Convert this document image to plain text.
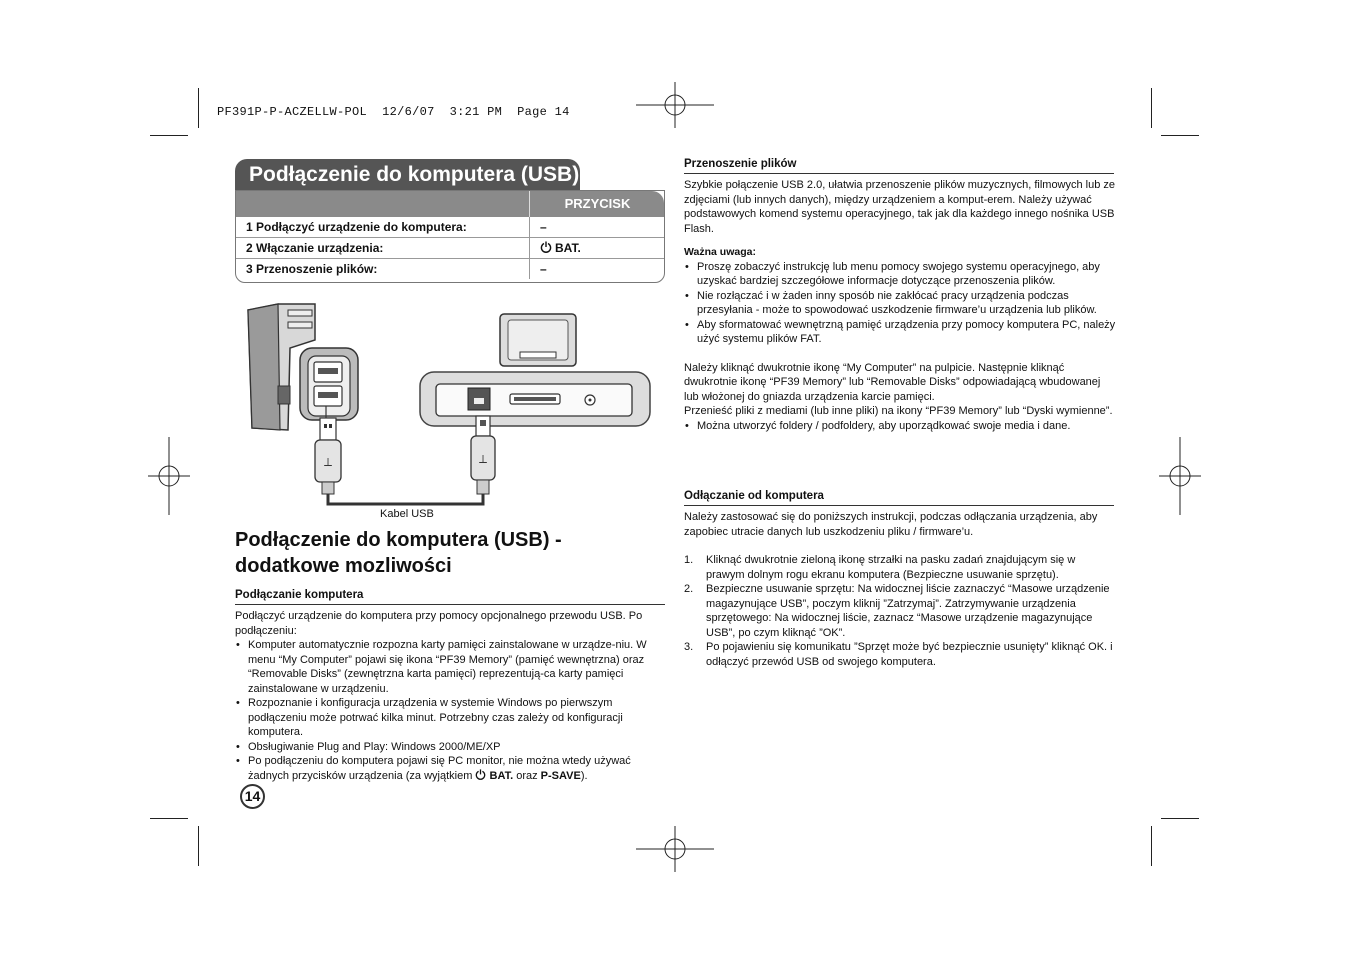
PF391P-P-ACZELLW-POL 12/6/07 3:21 PM Page 14

Podłączenie do komputera (USB)
PRZYCISK
1 Podłączyć urządzenie do komputera:	–
2 Włączanie urządzenia:	BAT.
3 Przenoszenie plików:	–
⟂	⟂
Kabel USB
Podłączenie do komputera (USB) -
dodatkowe mozliwości
Podłączanie komputera

Podłączyć urządzenie do komputera przy pomocy opcjonalnego przewodu USB. Po podłączeniu:

• Komputer automatycznie rozpozna karty pamięci zainstalowane w urządze-niu. W menu “My Computer” pojawi się ikona “PF39 Memory” (pamięć wewnętrzna) oraz “Removable Disks” (zewnętrzna karta pamięci) reprezentują-ca karty pamięci zainstalowane w urządzeniu.

• Rozpoznanie i konfiguracja urządzenia w systemie Windows po pierwszym podłączeniu może potrwać kilka minut. Potrzebny czas zależy od konfiguracji komputera.

• Obsługiwanie Plug and Play: Windows 2000/ME/XP

• Po podłączeniu do komputera pojawi się PC monitor, nie można wtedy używać żadnych przycisków urządzenia (za wyjątkiem BAT. oraz P-SAVE).

14
Przenoszenie plików

Szybkie połączenie USB 2.0, ułatwia przenoszenie plików muzycznych, filmowych lub ze zdjęciami (lub innych danych), między urządzeniem a komput-erem. Należy używać podstawowych komend systemu operacyjnego, tak jak dla każdego innego nośnika USB Flash.

Ważna uwaga:

• Proszę zobaczyć instrukcję lub menu pomocy swojego systemu operacyjnego, aby uzyskać bardziej szczegółowe informacje dotyczące przenoszenia plików.

• Nie rozłączać i w żaden inny sposób nie zakłócać pracy urządzenia podczas przesyłania - może to spowodować uszkodzenie firmware’u urządzenia lub plików.

• Aby sformatować wewnętrzną pamięć urządzenia przy pomocy komputera PC, należy użyć systemu plików FAT.

Należy kliknąć dwukrotnie ikonę “My Computer” na pulpicie. Następnie kliknąć dwukrotnie ikonę “PF39 Memory” lub “Removable Disks” odpowiadającą wbudowanej lub włożonej do gniazda urządzenia karcie pamięci.

Przenieść pliki z mediami (lub inne pliki) na ikony “PF39 Memory” lub “Dyski wymienne”.

• Można utworzyć foldery / podfoldery, aby uporządkować swoje media i dane.

Odłączanie od komputera

Należy zastosować się do poniższych instrukcji, podczas odłączania urządzenia, aby zapobiec utracie danych lub uszkodzeniu pliku / firmware’u.

1. Kliknąć dwukrotnie zieloną ikonę strzałki na pasku zadań znajdującym się w prawym dolnym rogu ekranu komputera (Bezpieczne usuwanie sprzętu).

2. Bezpieczne usuwanie sprzętu: Na widocznej liście zaznaczyć “Masowe urządzenie magazynujące USB”, poczym kliknij ”Zatrzymaj”. Zatrzymywanie urządzenia sprzętowego: Na widocznej liście, zaznacz “Masowe urządzenie magazynujące USB”, po czym kliknąć ”OK”.

3. Po pojawieniu się komunikatu ”Sprzęt może być bezpiecznie usunięty” kliknąć OK. i odłączyć przewód USB od swojego komputera.
